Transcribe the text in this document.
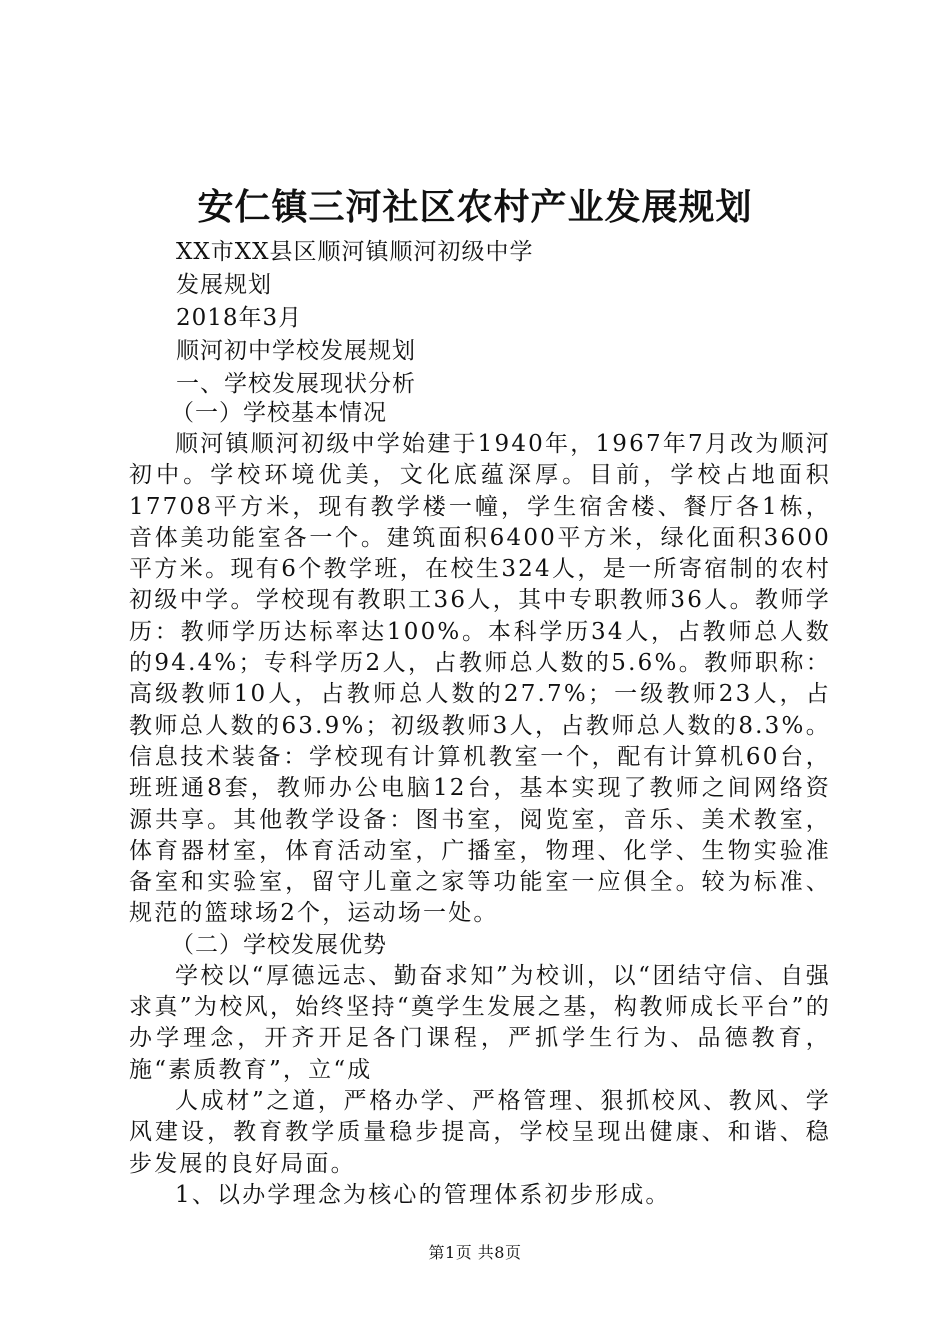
安仁镇三河社区农村产业发展规划
XX市XX县区顺河镇顺河初级中学
发展规划
2018年3月
顺河初中学校发展规划
一、学校发展现状分析
（一）学校基本情况

顺河镇顺河初级中学始建于1940年，1967年7月改为顺河初中。学校环境优美，文化底蕴深厚。目前，学校占地面积17708平方米，现有教学楼一幢，学生宿舍楼、餐厅各1栋，音体美功能室各一个。建筑面积6400平方米，绿化面积3600平方米。现有6个教学班，在校生324人，是一所寄宿制的农村初级中学。学校现有教职工36人，其中专职教师36人。教师学历：教师学历达标率达100%。本科学历34人，占教师总人数的94.4%；专科学历2人，占教师总人数的5.6%。教师职称：高级教师10人，占教师总人数的27.7%；一级教师23人，占教师总人数的63.9%；初级教师3人，占教师总人数的8.3%。信息技术装备：学校现有计算机教室一个，配有计算机60台，班班通8套，教师办公电脑12台，基本实现了教师之间网络资源共享。其他教学设备：图书室，阅览室，音乐、美术教室，体育器材室，体育活动室，广播室，物理、化学、生物实验准备室和实验室，留守儿童之家等功能室一应俱全。较为标准、规范的篮球场2个，运动场一处。

（二）学校发展优势

学校以“厚德远志、勤奋求知”为校训，以“团结守信、自强求真”为校风，始终坚持“奠学生发展之基，构教师成长平台”的办学理念，开齐开足各门课程，严抓学生行为、品德教育，施“素质教育”，立“成

人成材”之道，严格办学、严格管理、狠抓校风、教风、学风建设，教育教学质量稳步提高，学校呈现出健康、和谐、稳步发展的良好局面。

1、以办学理念为核心的管理体系初步形成。

第1页 共8页
